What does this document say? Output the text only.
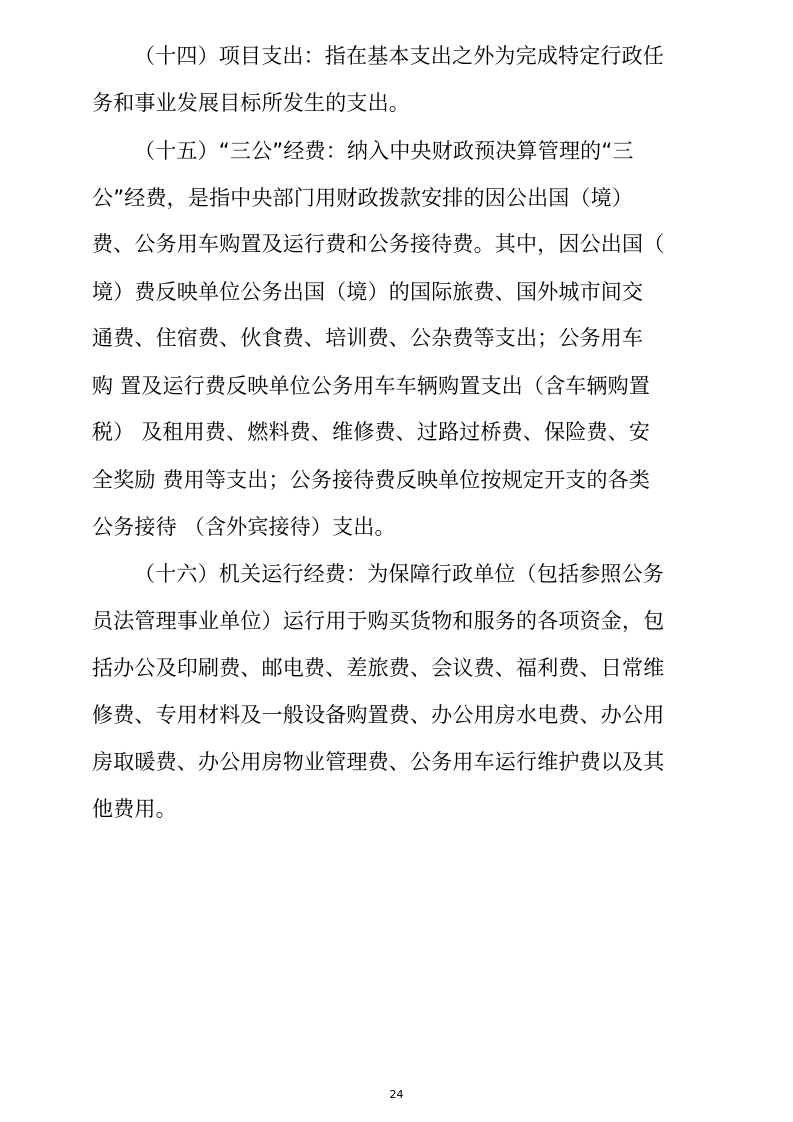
（十四）项目支出：指在基本支出之外为完成特定行政任
务和事业发展目标所发生的支出。
（十五）“三公”经费：纳入中央财政预决算管理的“三
公”经费，是指中央部门用财政拨款安排的因公出国（境）
费、公务用车购置及运行费和公务接待费。其中，因公出国（
境）费反映单位公务出国（境）的国际旅费、国外城市间交
通费、住宿费、伙食费、培训费、公杂费等支出；公务用车
购 置及运行费反映单位公务用车车辆购置支出（含车辆购置
税） 及租用费、燃料费、维修费、过路过桥费、保险费、安
全奖励 费用等支出；公务接待费反映单位按规定开支的各类
公务接待 （含外宾接待）支出。
（十六）机关运行经费：为保障行政单位（包括参照公务
员法管理事业单位）运行用于购买货物和服务的各项资金，包
括办公及印刷费、邮电费、差旅费、会议费、福利费、日常维
修费、专用材料及一般设备购置费、办公用房水电费、办公用
房取暖费、办公用房物业管理费、公务用车运行维护费以及其
他费用。
24
